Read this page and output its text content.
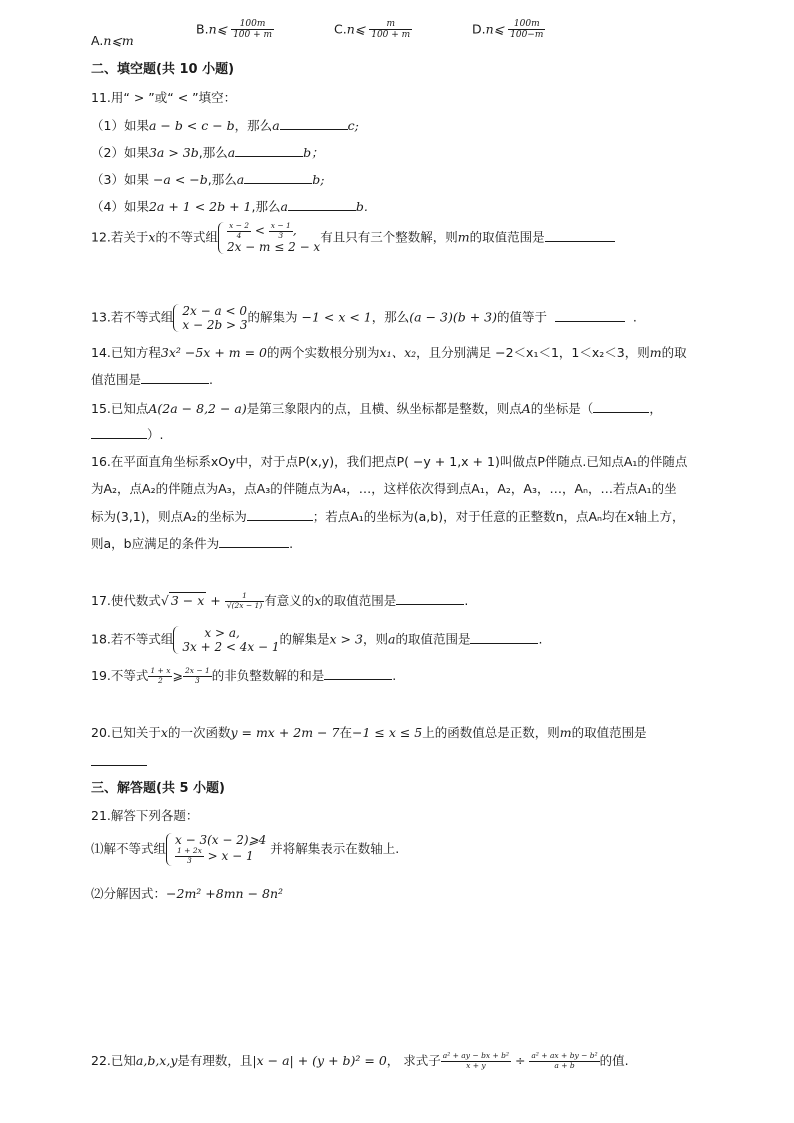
A.n⩽m
B.n⩽ $\frac{100m}{100 + m}$	C.n⩽ $\frac{m}{100 + m}$	D.n⩽ $\frac{100m}{100-m}$
二、填空题(共 10 小题)
11.用“ > ”或“ < ”填空：
（1）如果a − b < c − b，那么a	c;
（2）如果3a > 3b,那么a	b；
（3）如果 −a < −b,那么a	b;
（4）如果2a + 1 < 2b + 1,那么a	b.
12.若关于x的不等式组 $\frac{x - 2}{4} < \frac{x - 1}{3}$ ,
2x − m ≤ 2 − x
有且只有三个整数解，则m的取值范围是
13.若不等式组 2x − a < 0
x − 2b > 3
的解集为 −1 < x < 1，那么(a − 3)(b + 3)的值等于	.
14.已知方程3x² −5x + m = 0的两个实数根分别为x₁、x₂，且分别满足 −2＜x₁＜1，1＜x₂＜3，则m的取
值范围是	.
15.已知点A(2a − 8,2 − a)是第三象限内的点，且横、纵坐标都是整数，则点A的坐标是（	，
）.
16.在平面直角坐标系xOy中，对于点P(x,y)，我们把点P( −y + 1,x + 1)叫做点P伴随点.已知点A₁的伴随点
为A₂，点A₂的伴随点为A₃，点A₃的伴随点为A₄，…，这样依次得到点A₁，A₂，A₃，…，Aₙ，…若点A₁的坐
标为(3,1)，则点A₂的坐标为	；若点A₁的坐标为(a,b)，对于任意的正整数n，点Aₙ均在x轴上方，
则a，b应满足的条件为	.
17.使代数式√ $3 - x + \frac{1}{√(2x - 1)}$ 有意义的x的取值范围是	.
18.若不等式组	x > a,
3x + 2 < 4x − 1
的解集是x > 3，则a的取值范围是	.
19.不等式 $\frac{1 + x}{2}$ ⩾ $\frac{2x - 1}{3}$ 的非负整数解的和是	.
20.已知关于x的一次函数y = mx + 2m − 7在−1 ≤ x ≤ 5上的函数值总是正数，则m的取值范围是
三、解答题(共 5 小题)
21.解答下列各题：
⑴解不等式组
x − 3(x − 2)⩾4
$\frac{1 + 2x}{3} > x - 1$
并将解集表示在数轴上.
⑵分解因式：−2m² +8mn − 8n²
22.已知a,b,x,y是有理数，且|x − a| + (y + b)² = 0， 求式子 $\frac{\text{a² + ay − bx + b²}}{x + y} \div \frac{\text{a² + ax + by − b²}}{a + b}$ 的值.
